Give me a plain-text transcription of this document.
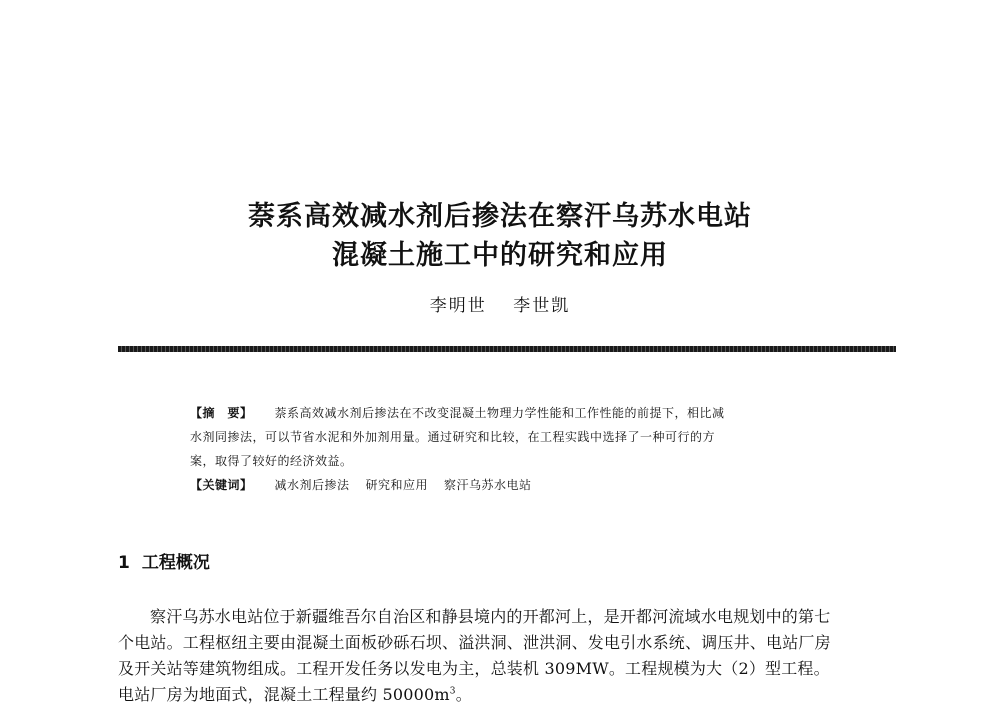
萘系高效减水剂后掺法在察汗乌苏水电站
混凝土施工中的研究和应用
李明世　 李世凯
【摘　要】 萘系高效减水剂后掺法在不改变混凝土物理力学性能和工作性能的前提下，相比减
水剂同掺法，可以节省水泥和外加剂用量。通过研究和比较，在工程实践中选择了一种可行的方
案，取得了较好的经济效益。
【关键词】 减水剂后掺法 研究和应用 察汗乌苏水电站
1 工程概况
察汗乌苏水电站位于新疆维吾尔自治区和静县境内的开都河上，是开都河流域水电规划中的第七
个电站。工程枢纽主要由混凝土面板砂砾石坝、溢洪洞、泄洪洞、发电引水系统、调压井、电站厂房
及开关站等建筑物组成。工程开发任务以发电为主，总装机 309MW。工程规模为大（2）型工程。
电站厂房为地面式，混凝土工程量约 $50000m^3$。
